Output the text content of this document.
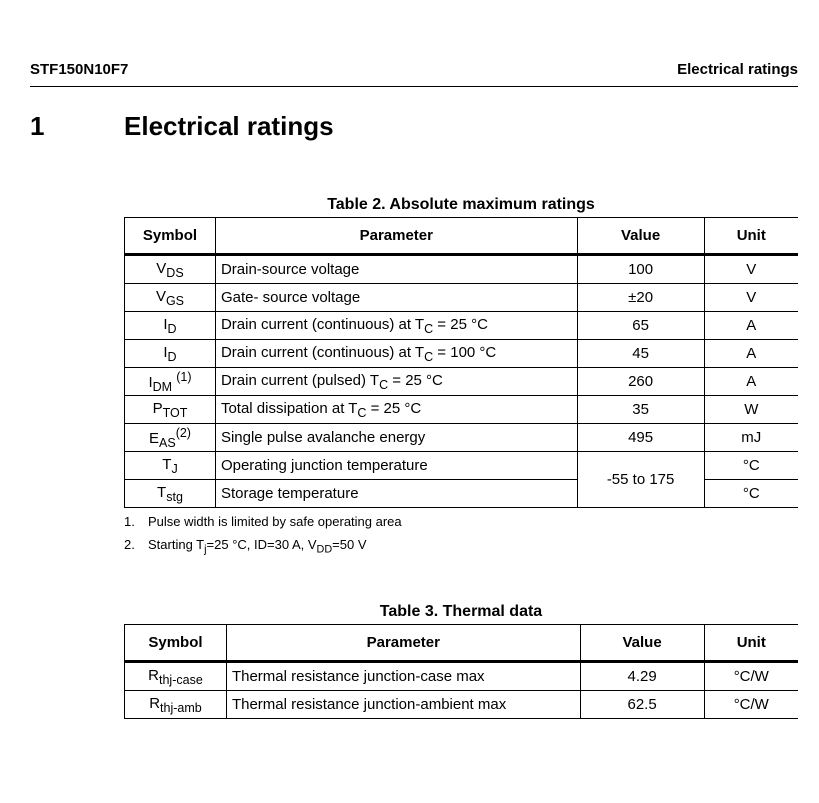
STF150N10F7	Electrical ratings
1	Electrical ratings
Table 2. Absolute maximum ratings
Symbol	Parameter	Value	Unit
$V_{DS}$	Drain-source voltage	100	V
$V_{GS}$	Gate- source voltage	±20	V
$I_D$	Drain current (continuous) at $T_C = 25$ °C	65	A
$I_D$	Drain current (continuous) at $T_C = 100$ °C	45	A
$I_{DM}$ $^{(1)}$	Drain current (pulsed) $T_C = 25$ °C	260	A
$P_{TOT}$	Total dissipation at $T_C = 25$ °C	35	W
$E_{AS}^{(2)}$	Single pulse avalanche energy	495	mJ
$T_J$	Operating junction temperature	-55 to 175	°C
$T_{stg}$	Storage temperature		°C
1. Pulse width is limited by safe operating area
2. Starting $T_j=25$ °C, ID=30 A, $V_{DD}=50$ V
Table 3. Thermal data
Symbol	Parameter	Value	Unit
$R_{thj-case}$	Thermal resistance junction-case max	4.29	°C/W
$R_{thj-amb}$	Thermal resistance junction-ambient max	62.5	°C/W
